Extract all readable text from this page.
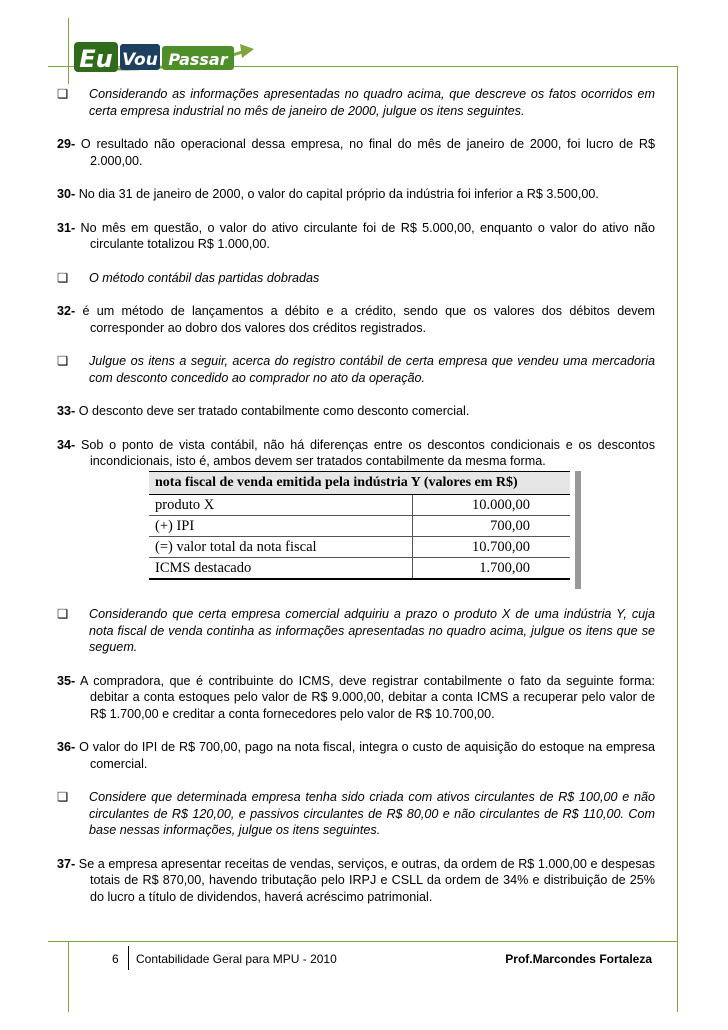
Eu Vou Passar

❏ Considerando as informações apresentadas no quadro acima, que descreve os fatos ocorridos em certa empresa industrial no mês de janeiro de 2000, julgue os itens seguintes.

29- O resultado não operacional dessa empresa, no final do mês de janeiro de 2000, foi lucro de R$ 2.000,00.

30- No dia 31 de janeiro de 2000, o valor do capital próprio da indústria foi inferior a R$ 3.500,00.

31- No mês em questão, o valor do ativo circulante foi de R$ 5.000,00, enquanto o valor do ativo não circulante totalizou R$ 1.000,00.

❏ O método contábil das partidas dobradas

32- é um método de lançamentos a débito e a crédito, sendo que os valores dos débitos devem corresponder ao dobro dos valores dos créditos registrados.

❏ Julgue os itens a seguir, acerca do registro contábil de certa empresa que vendeu uma mercadoria com desconto concedido ao comprador no ato da operação.

33- O desconto deve ser tratado contabilmente como desconto comercial.

34- Sob o ponto de vista contábil, não há diferenças entre os descontos condicionais e os descontos incondicionais, isto é, ambos devem ser tratados contabilmente da mesma forma.

nota fiscal de venda emitida pela indústria Y (valores em R$)	
produto X	10.000,00
(+) IPI	700,00
(=) valor total da nota fiscal	10.700,00
ICMS destacado	1.700,00

❏ Considerando que certa empresa comercial adquiriu a prazo o produto X de uma indústria Y, cuja nota fiscal de venda continha as informações apresentadas no quadro acima, julgue os itens que se seguem.

35- A compradora, que é contribuinte do ICMS, deve registrar contabilmente o fato da seguinte forma: debitar a conta estoques pelo valor de R$ 9.000,00, debitar a conta ICMS a recuperar pelo valor de R$ 1.700,00 e creditar a conta fornecedores pelo valor de R$ 10.700,00.

36- O valor do IPI de R$ 700,00, pago na nota fiscal, integra o custo de aquisição do estoque na empresa comercial.

❏ Considere que determinada empresa tenha sido criada com ativos circulantes de R$ 100,00 e não circulantes de R$ 120,00, e passivos circulantes de R$ 80,00 e não circulantes de R$ 110,00. Com base nessas informações, julgue os itens seguintes.

37- Se a empresa apresentar receitas de vendas, serviços, e outras, da ordem de R$ 1.000,00 e despesas totais de R$ 870,00, havendo tributação pelo IRPJ e CSLL da ordem de 34% e distribuição de 25% do lucro a título de dividendos, haverá acréscimo patrimonial.

6 Contabilidade Geral para MPU - 2010	Prof.Marcondes Fortaleza
